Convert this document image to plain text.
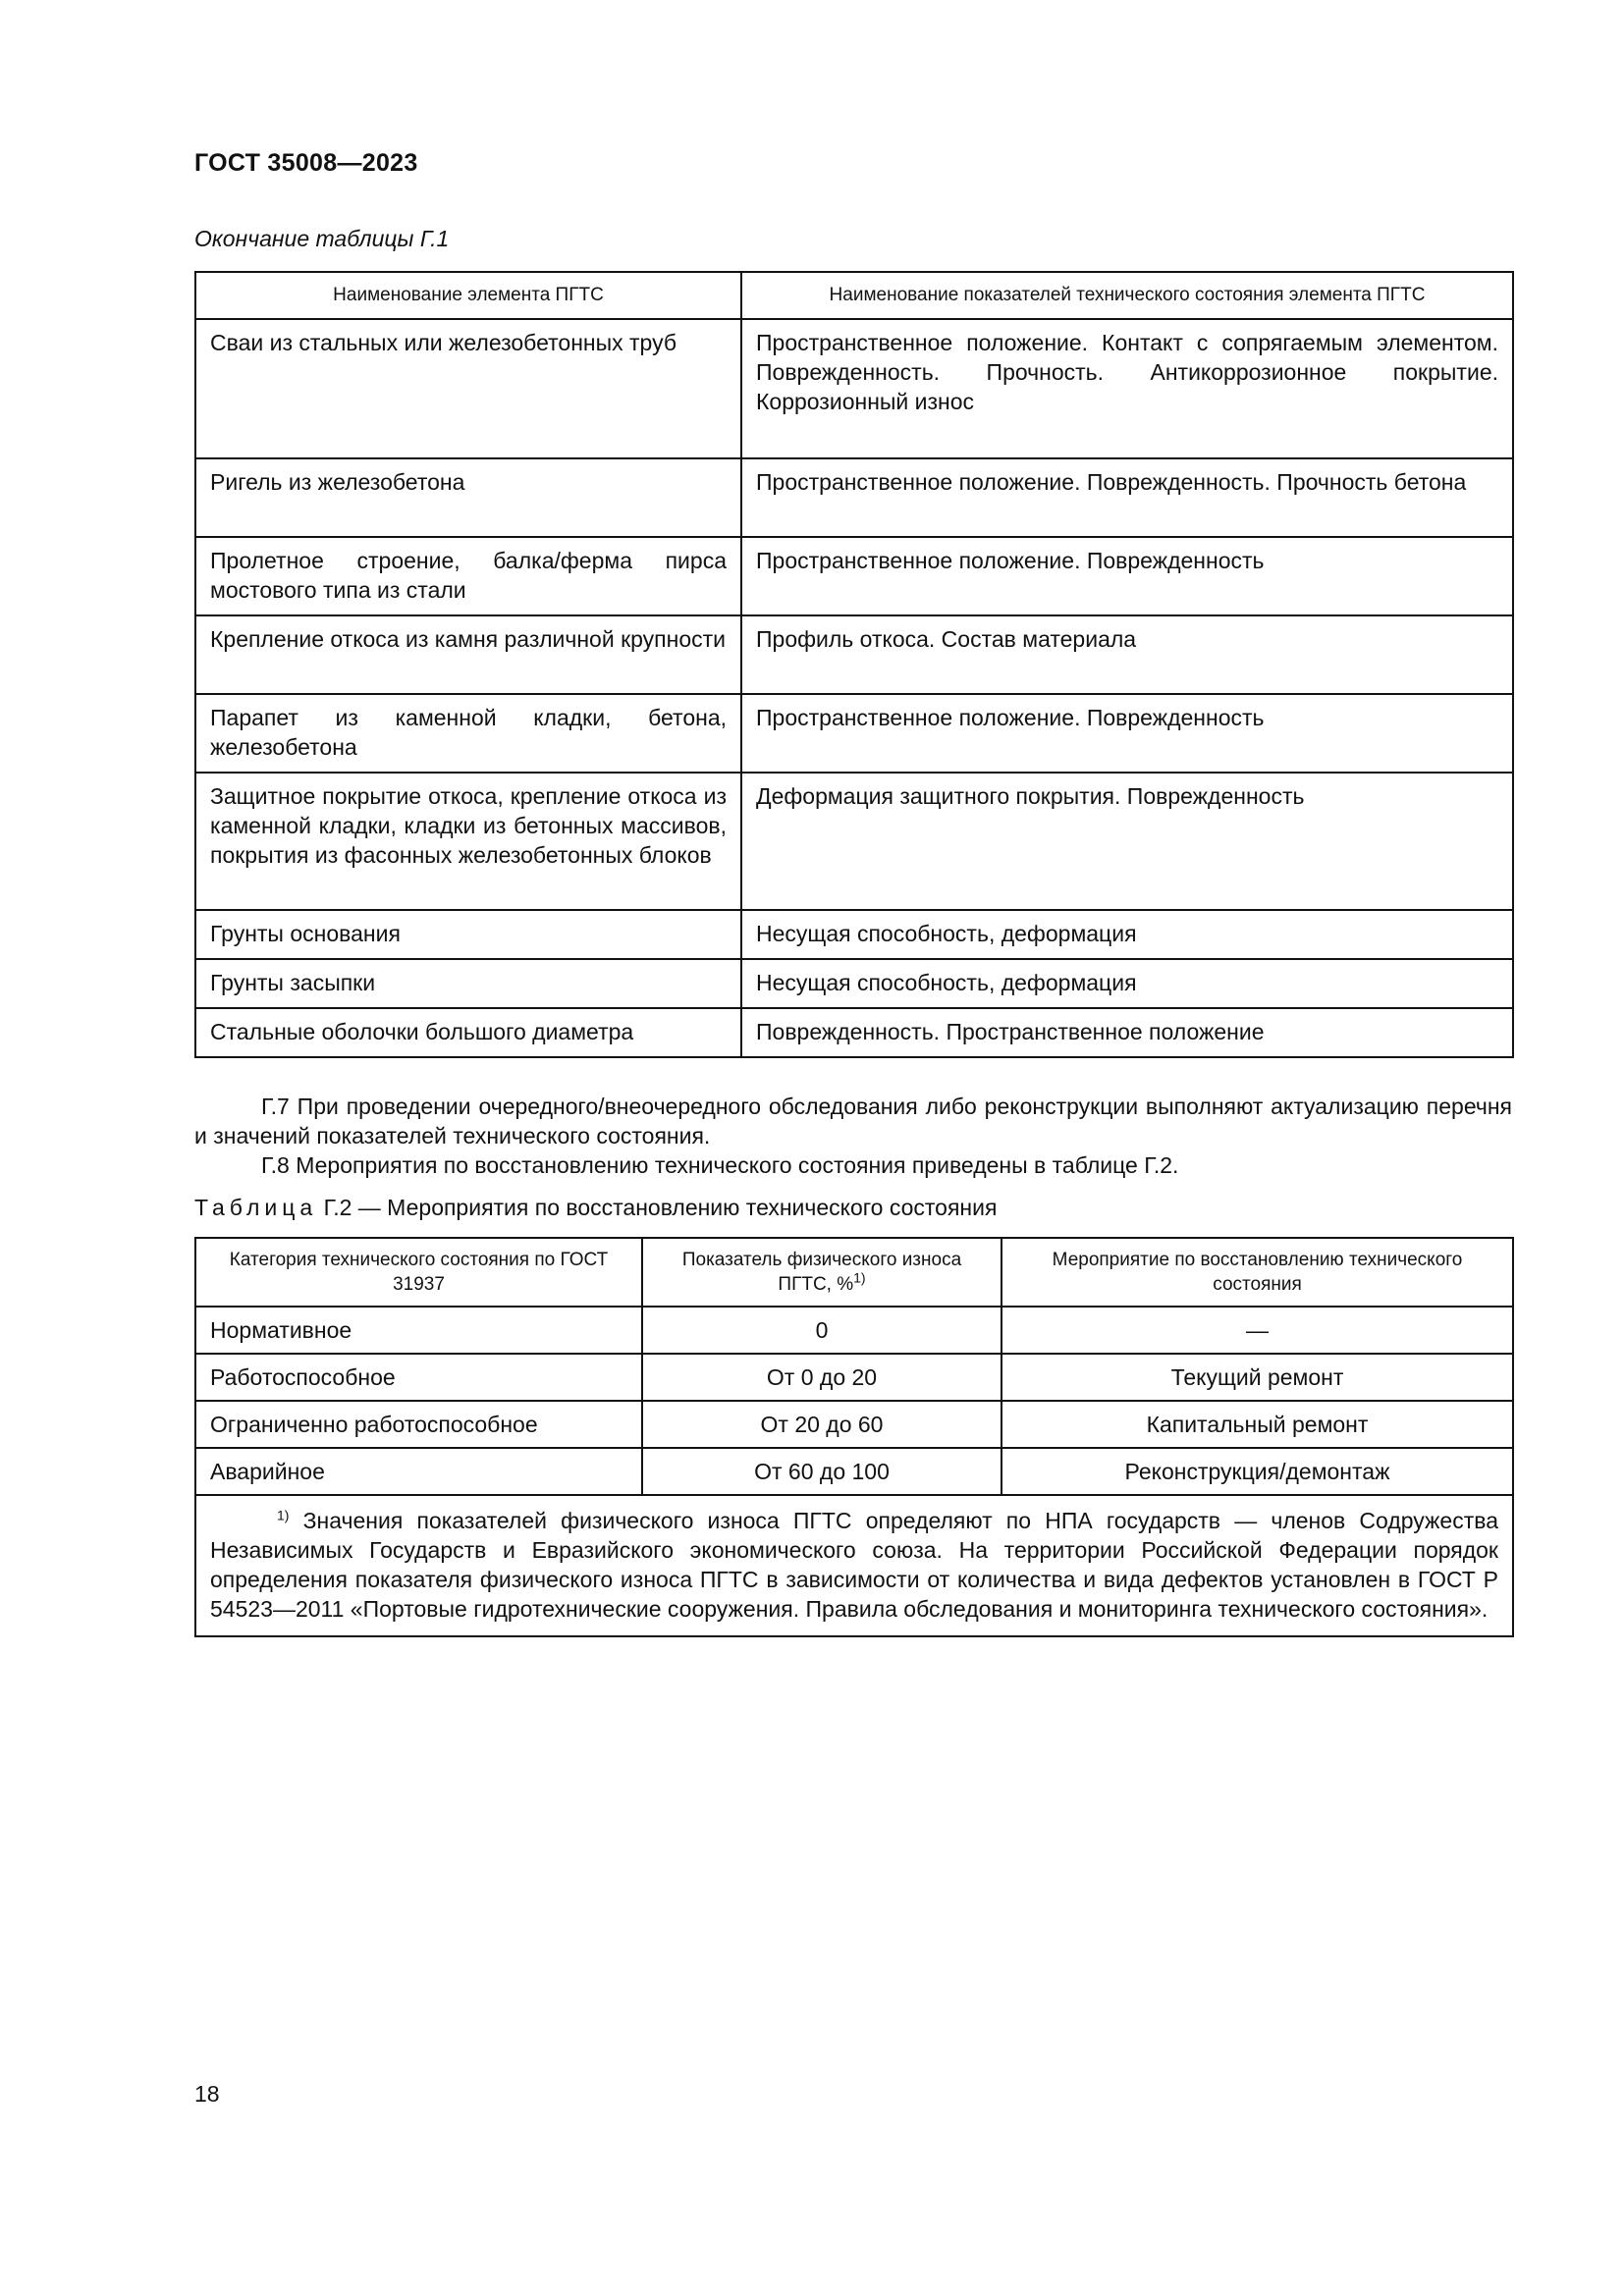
ГОСТ 35008—2023
Окончание таблицы Г.1
Наименование элемента ПГТС	Наименование показателей технического состояния элемента ПГТС
Сваи из стальных или железобетонных труб	Пространственное положение. Контакт с сопрягаемым элементом. Поврежденность. Прочность. Антикоррозионное покрытие. Коррозионный износ
Ригель из железобетона	Пространственное положение. Поврежденность. Прочность бетона
Пролетное строение, балка/ферма пирса мостового типа из стали	Пространственное положение. Поврежденность
Крепление откоса из камня различной крупности	Профиль откоса. Состав материала
Парапет из каменной кладки, бетона, железобетона	Пространственное положение. Поврежденность
Защитное покрытие откоса, крепление откоса из каменной кладки, кладки из бетонных массивов, покрытия из фасонных железобетонных блоков	Деформация защитного покрытия. Поврежденность
Грунты основания	Несущая способность, деформация
Грунты засыпки	Несущая способность, деформация
Стальные оболочки большого диаметра	Поврежденность. Пространственное положение
Г.7 При проведении очередного/внеочередного обследования либо реконструкции выполняют актуализацию перечня и значений показателей технического состояния.
Г.8 Мероприятия по восстановлению технического состояния приведены в таблице Г.2.
Таблица Г.2 — Мероприятия по восстановлению технического состояния
Категория технического состояния по ГОСТ 31937	Показатель физического износа ПГТС, %$^{1)}$	Мероприятие по восстановлению технического состояния
Нормативное	0	—
Работоспособное	От 0 до 20	Текущий ремонт
Ограниченно работоспособное	От 20 до 60	Капитальный ремонт
Аварийное	От 60 до 100	Реконструкция/демонтаж
$^{1)}$ Значения показателей физического износа ПГТС определяют по НПА государств — членов Содружества Независимых Государств и Евразийского экономического союза. На территории Российской Федерации порядок определения показателя физического износа ПГТС в зависимости от количества и вида дефектов установлен в ГОСТ Р 54523—2011 «Портовые гидротехнические сооружения. Правила обследования и мониторинга технического состояния».		
18
